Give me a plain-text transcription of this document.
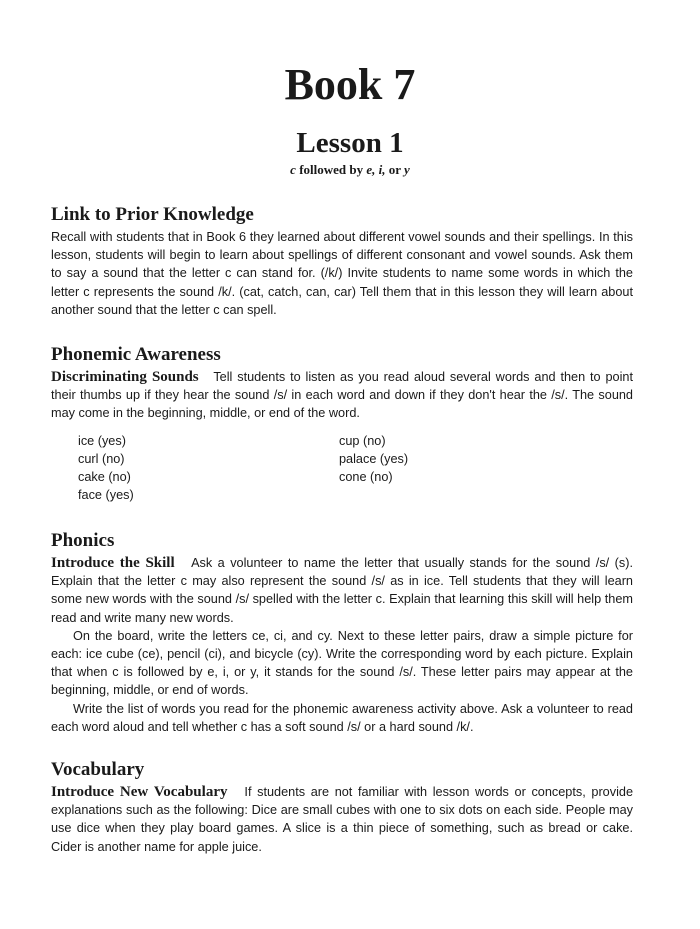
Book 7
Lesson 1
c followed by e, i, or y
Link to Prior Knowledge

Recall with students that in Book 6 they learned about different vowel sounds and their spellings. In this lesson, students will begin to learn about spellings of different consonant and vowel sounds. Ask them to say a sound that the letter c can stand for. (/k/) Invite students to name some words in which the letter c represents the sound /k/. (cat, catch, can, car) Tell them that in this lesson they will learn about another sound that the letter c can spell.

Phonemic Awareness

Discriminating Sounds Tell students to listen as you read aloud several words and then to point their thumbs up if they hear the sound /s/ in each word and down if they don't hear the /s/. The sound may come in the beginning, middle, or end of the word.

ice (yes)
curl (no)
cake (no)
face (yes)
cup (no)
palace (yes)
cone (no)
Phonics

Introduce the Skill Ask a volunteer to name the letter that usually stands for the sound /s/ (s). Explain that the letter c may also represent the sound /s/ as in ice. Tell students that they will learn some new words with the sound /s/ spelled with the letter c. Explain that learning this skill will help them read and write many new words.

On the board, write the letters ce, ci, and cy. Next to these letter pairs, draw a simple picture for each: ice cube (ce), pencil (ci), and bicycle (cy). Write the corresponding word by each picture. Explain that when c is followed by e, i, or y, it stands for the sound /s/. These letter pairs may appear at the beginning, middle, or end of words.

Write the list of words you read for the phonemic awareness activity above. Ask a volunteer to read each word aloud and tell whether c has a soft sound /s/ or a hard sound /k/.

Vocabulary

Introduce New Vocabulary If students are not familiar with lesson words or concepts, provide explanations such as the following: Dice are small cubes with one to six dots on each side. People may use dice when they play board games. A slice is a thin piece of something, such as bread or cake. Cider is another name for apple juice.
